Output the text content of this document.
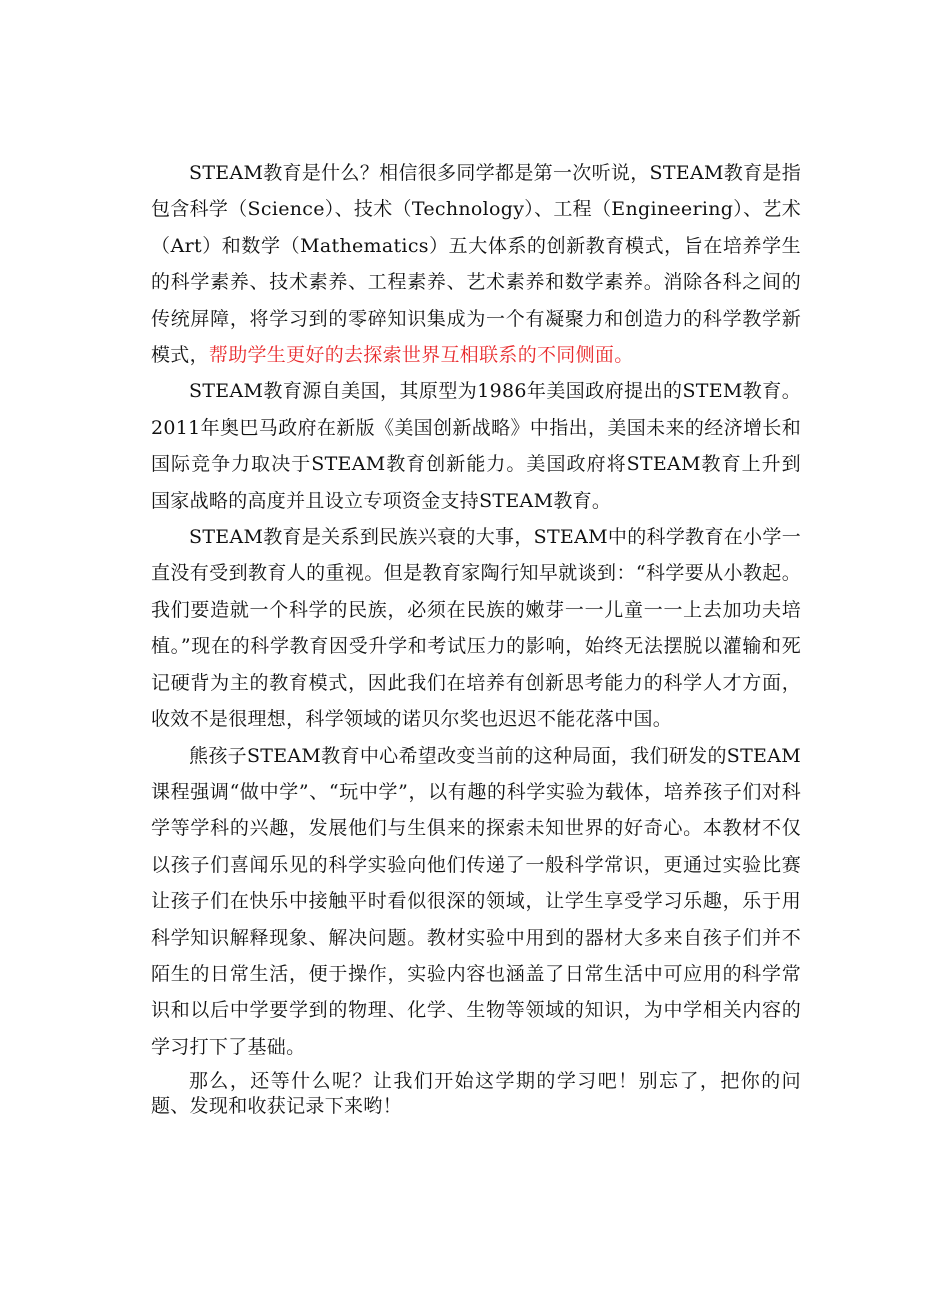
STEAM教育是什么？相信很多同学都是第一次听说，STEAM教育是指包含科学（Science）、技术（Technology）、工程（Engineering）、艺术（Art）和数学（Mathematics）五大体系的创新教育模式，旨在培养学生的科学素养、技术素养、工程素养、艺术素养和数学素养。消除各科之间的传统屏障，将学习到的零碎知识集成为一个有凝聚力和创造力的科学教学新模式，帮助学生更好的去探索世界互相联系的不同侧面。

STEAM教育源自美国，其原型为1986年美国政府提出的STEM教育。2011年奥巴马政府在新版《美国创新战略》中指出，美国未来的经济增长和国际竞争力取决于STEAM教育创新能力。美国政府将STEAM教育上升到国家战略的高度并且设立专项资金支持STEAM教育。

STEAM教育是关系到民族兴衰的大事，STEAM中的科学教育在小学一直没有受到教育人的重视。但是教育家陶行知早就谈到：“科学要从小教起。我们要造就一个科学的民族，必须在民族的嫩芽一一儿童一一上去加功夫培植。”现在的科学教育因受升学和考试压力的影响，始终无法摆脱以灌输和死记硬背为主的教育模式，因此我们在培养有创新思考能力的科学人才方面，收效不是很理想，科学领域的诺贝尔奖也迟迟不能花落中国。

熊孩子STEAM教育中心希望改变当前的这种局面，我们研发的STEAM课程强调“做中学”、“玩中学”，以有趣的科学实验为载体，培养孩子们对科学等学科的兴趣，发展他们与生俱来的探索未知世界的好奇心。本教材不仅以孩子们喜闻乐见的科学实验向他们传递了一般科学常识，更通过实验比赛让孩子们在快乐中接触平时看似很深的领域，让学生享受学习乐趣，乐于用科学知识解释现象、解决问题。教材实验中用到的器材大多来自孩子们并不陌生的日常生活，便于操作，实验内容也涵盖了日常生活中可应用的科学常识和以后中学要学到的物理、化学、生物等领域的知识，为中学相关内容的学习打下了基础。

那么，还等什么呢？让我们开始这学期的学习吧！别忘了，把你的问题、发现和收获记录下来哟！
